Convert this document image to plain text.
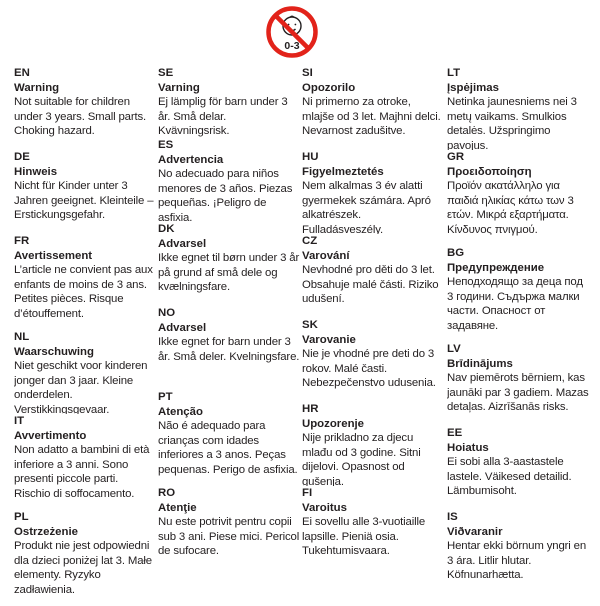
0-3

EN

Warning

Not suitable for children under 3 years. Small parts. Choking hazard.

DE

Hinweis

Nicht für Kinder unter 3 Jahren geeignet. Kleinteile – Erstickungsgefahr.

FR

Avertissement

L’article ne convient pas aux enfants de moins de 3 ans. Petites pièces. Risque d’étouffement.

NL

Waarschuwing

Niet geschikt voor kinderen jonger dan 3 jaar. Kleine onderdelen. Verstikkingsgevaar.

IT

Avvertimento

Non adatto a bambini di età inferiore a 3 anni. Sono presenti piccole parti. Rischio di soffocamento.

PL

Ostrzeżenie

Produkt nie jest odpowiedni dla dzieci poniżej lat 3. Małe elementy. Ryzyko zadławienia.

SE

Varning

Ej lämplig för barn under 3 år. Små delar. Kvävningsrisk.

ES

Advertencia

No adecuado para niños menores de 3 años. Piezas pequeñas. ¡Peligro de asfixia.

DK

Advarsel

Ikke egnet til børn under 3 år på grund af små dele og kvælningsfare.

NO

Advarsel

Ikke egnet for barn under 3 år. Små deler. Kvelningsfare.

PT

Atenção

Não é adequado para crianças com idades inferiores a 3 anos. Peças pequenas. Perigo de asfixia.

RO

Atenţie

Nu este potrivit pentru copii sub 3 ani. Piese mici. Pericol de sufocare.

SI

Opozorilo

Ni primerno za otroke, mlajše od 3 let. Majhni delci. Nevarnost zadušitve.

HU

Figyelmeztetés

Nem alkalmas 3 év alatti gyermekek számára. Apró alkatrészek. Fulladásveszély.

CZ

Varování

Nevhodné pro děti do 3 let. Obsahuje malé části. Riziko udušení.

SK

Varovanie

Nie je vhodné pre deti do 3 rokov. Malé časti. Nebezpečenstvo udusenia.

HR

Upozorenje

Nije prikladno za djecu mlađu od 3 godine. Sitni dijelovi. Opasnost od gušenja.

FI

Varoitus

Ei sovellu alle 3-vuotiaille lapsille. Pieniä osia. Tukehtumisvaara.

LT

Įspėjimas

Netinka jaunesniems nei 3 metų vaikams. Smulkios detalės. Užspringimo pavojus.

GR

Προειδοποίηση

Προϊόν ακατάλληλο για παιδιά ηλικίας κάτω των 3 ετών. Μικρά εξαρτήματα. Κίνδυνος πνιγμού.

BG

Предупреждение

Неподходящо за деца под 3 години. Съдържа малки части. Опасност от задавяне.

LV

Brīdinājums

Nav piemērots bērniem, kas jaunāki par 3 gadiem. Mazas detaļas. Aizrīšanās risks.

EE

Hoiatus

Ei sobi alla 3-aastastele lastele. Väikesed detailid. Lämbumisoht.

IS

Viðvaranir

Hentar ekki börnum yngri en 3 ára. Litlir hlutar. Köfnunarhætta.
